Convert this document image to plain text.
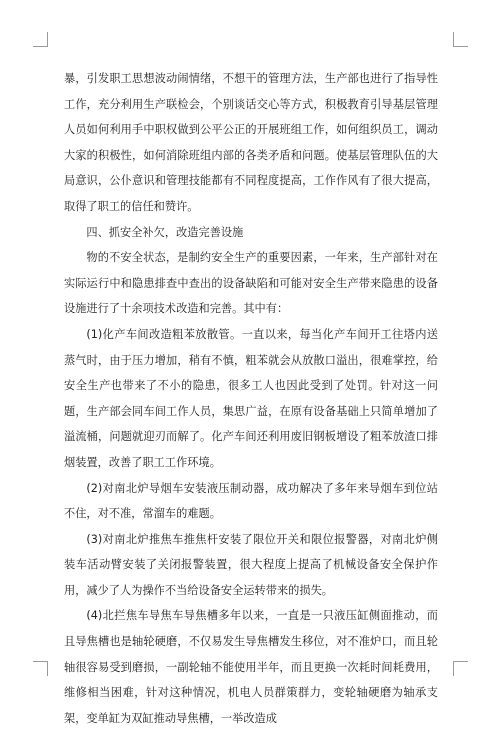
暴，引发职工思想波动闹情绪，不想干的管理方法，生产部也进行了指导性工作，充分利用生产联检会，个别谈话交心等方式，积极教育引导基层管理人员如何利用手中职权做到公平公正的开展班组工作，如何组织员工，调动大家的积极性，如何消除班组内部的各类矛盾和问题。使基层管理队伍的大局意识，公仆意识和管理技能都有不同程度提高，工作作风有了很大提高，取得了职工的信任和赞许。

四、抓安全补欠，改造完善设施

物的不安全状态，是制约安全生产的重要因素，一年来，生产部针对在实际运行中和隐患排查中查出的设备缺陷和可能对安全生产带来隐患的设备设施进行了十余项技术改造和完善。其中有：

(1)化产车间改造粗苯放散管。一直以来，每当化产车间开工往塔内送蒸气时，由于压力增加，稍有不慎，粗苯就会从放散口溢出，很难掌控，给安全生产也带来了不小的隐患，很多工人也因此受到了处罚。针对这一问题，生产部会同车间工作人员，集思广益，在原有设备基础上只简单增加了溢流桶，问题就迎刃而解了。化产车间还利用废旧钢板增设了粗苯放渣口排烟装置，改善了职工工作环境。

(2)对南北炉导烟车安装液压制动器，成功解决了多年来导烟车到位站不住，对不准，常溜车的难题。

(3)对南北炉推焦车推焦杆安装了限位开关和限位报警器，对南北炉侧装车活动臂安装了关闭报警装置，很大程度上提高了机械设备安全保护作用，减少了人为操作不当给设备安全运转带来的损失。

(4)北拦焦车导焦车导焦槽多年以来，一直是一只液压缸侧面推动，而且导焦槽也是轴轮硬磨，不仅易发生导焦槽发生移位，对不准炉口，而且轮轴很容易受到磨损，一副轮轴不能使用半年，而且更换一次耗时间耗费用，维修相当困难，针对这种情况，机电人员群策群力，变轮轴硬磨为轴承支架，变单缸为双缸推动导焦槽，一举改造成
